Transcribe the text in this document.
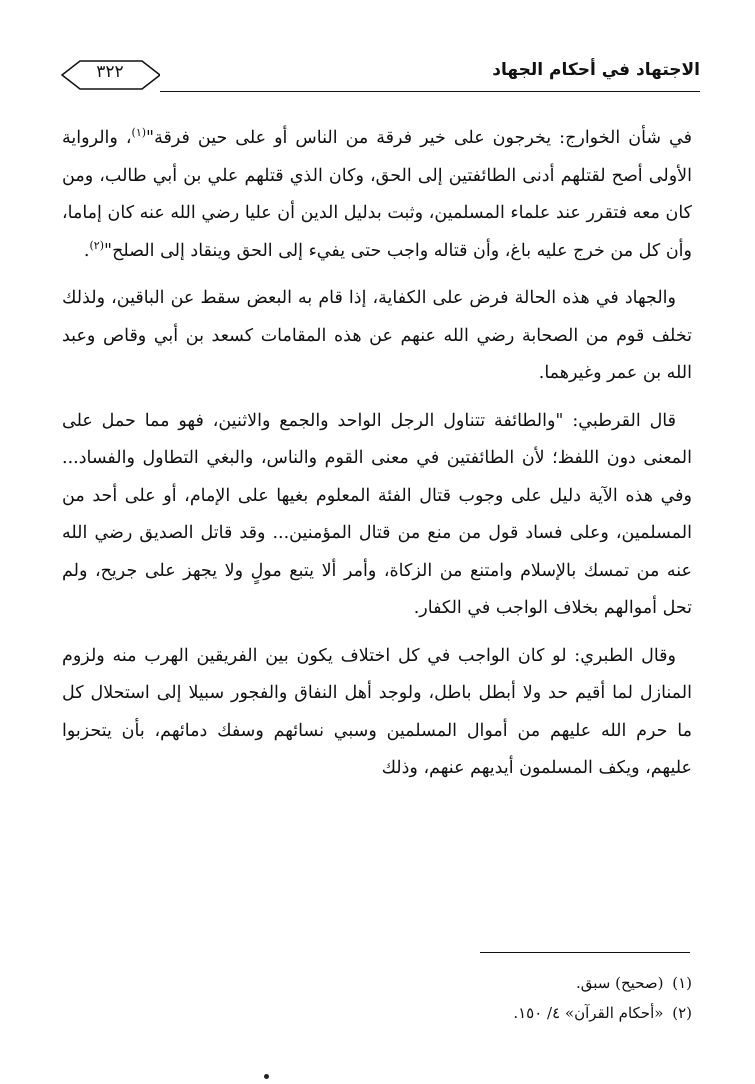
الاجتهاد في أحكام الجهاد
٣٢٢

في شأن الخوارج: يخرجون على خير فرقة من الناس أو على حين فرقة"$^{(١)}$، والرواية الأولى أصح لقتلهم أدنى الطائفتين إلى الحق، وكان الذي قتلهم علي بن أبي طالب، ومن كان معه فتقرر عند علماء المسلمين، وثبت بدليل الدين أن عليا رضي الله عنه كان إماما، وأن كل من خرج عليه باغ، وأن قتاله واجب حتى يفيء إلى الحق وينقاد إلى الصلح"$^{(٢)}$.

والجهاد في هذه الحالة فرض على الكفاية، إذا قام به البعض سقط عن الباقين، ولذلك تخلف قوم من الصحابة رضي الله عنهم عن هذه المقامات كسعد بن أبي وقاص وعبد الله بن عمر وغيرهما.

قال القرطبي: "والطائفة تتناول الرجل الواحد والجمع والاثنين، فهو مما حمل على المعنى دون اللفظ؛ لأن الطائفتين في معنى القوم والناس، والبغي التطاول والفساد... وفي هذه الآية دليل على وجوب قتال الفئة المعلوم بغيها على الإمام، أو على أحد من المسلمين، وعلى فساد قول من منع من قتال المؤمنين... وقد قاتل الصديق رضي الله عنه من تمسك بالإسلام وامتنع من الزكاة، وأمر ألا يتبع مولٍ ولا يجهز على جريح، ولم تحل أموالهم بخلاف الواجب في الكفار.

وقال الطبري: لو كان الواجب في كل اختلاف يكون بين الفريقين الهرب منه ولزوم المنازل لما أقيم حد ولا أبطل باطل، ولوجد أهل النفاق والفجور سبيلا إلى استحلال كل ما حرم الله عليهم من أموال المسلمين وسبي نسائهم وسفك دمائهم، بأن يتحزبوا عليهم، ويكف المسلمون أيديهم عنهم، وذلك

(١) (صحيح) سبق.
(٢) «أحكام القرآن» ٤/ ١٥٠.
